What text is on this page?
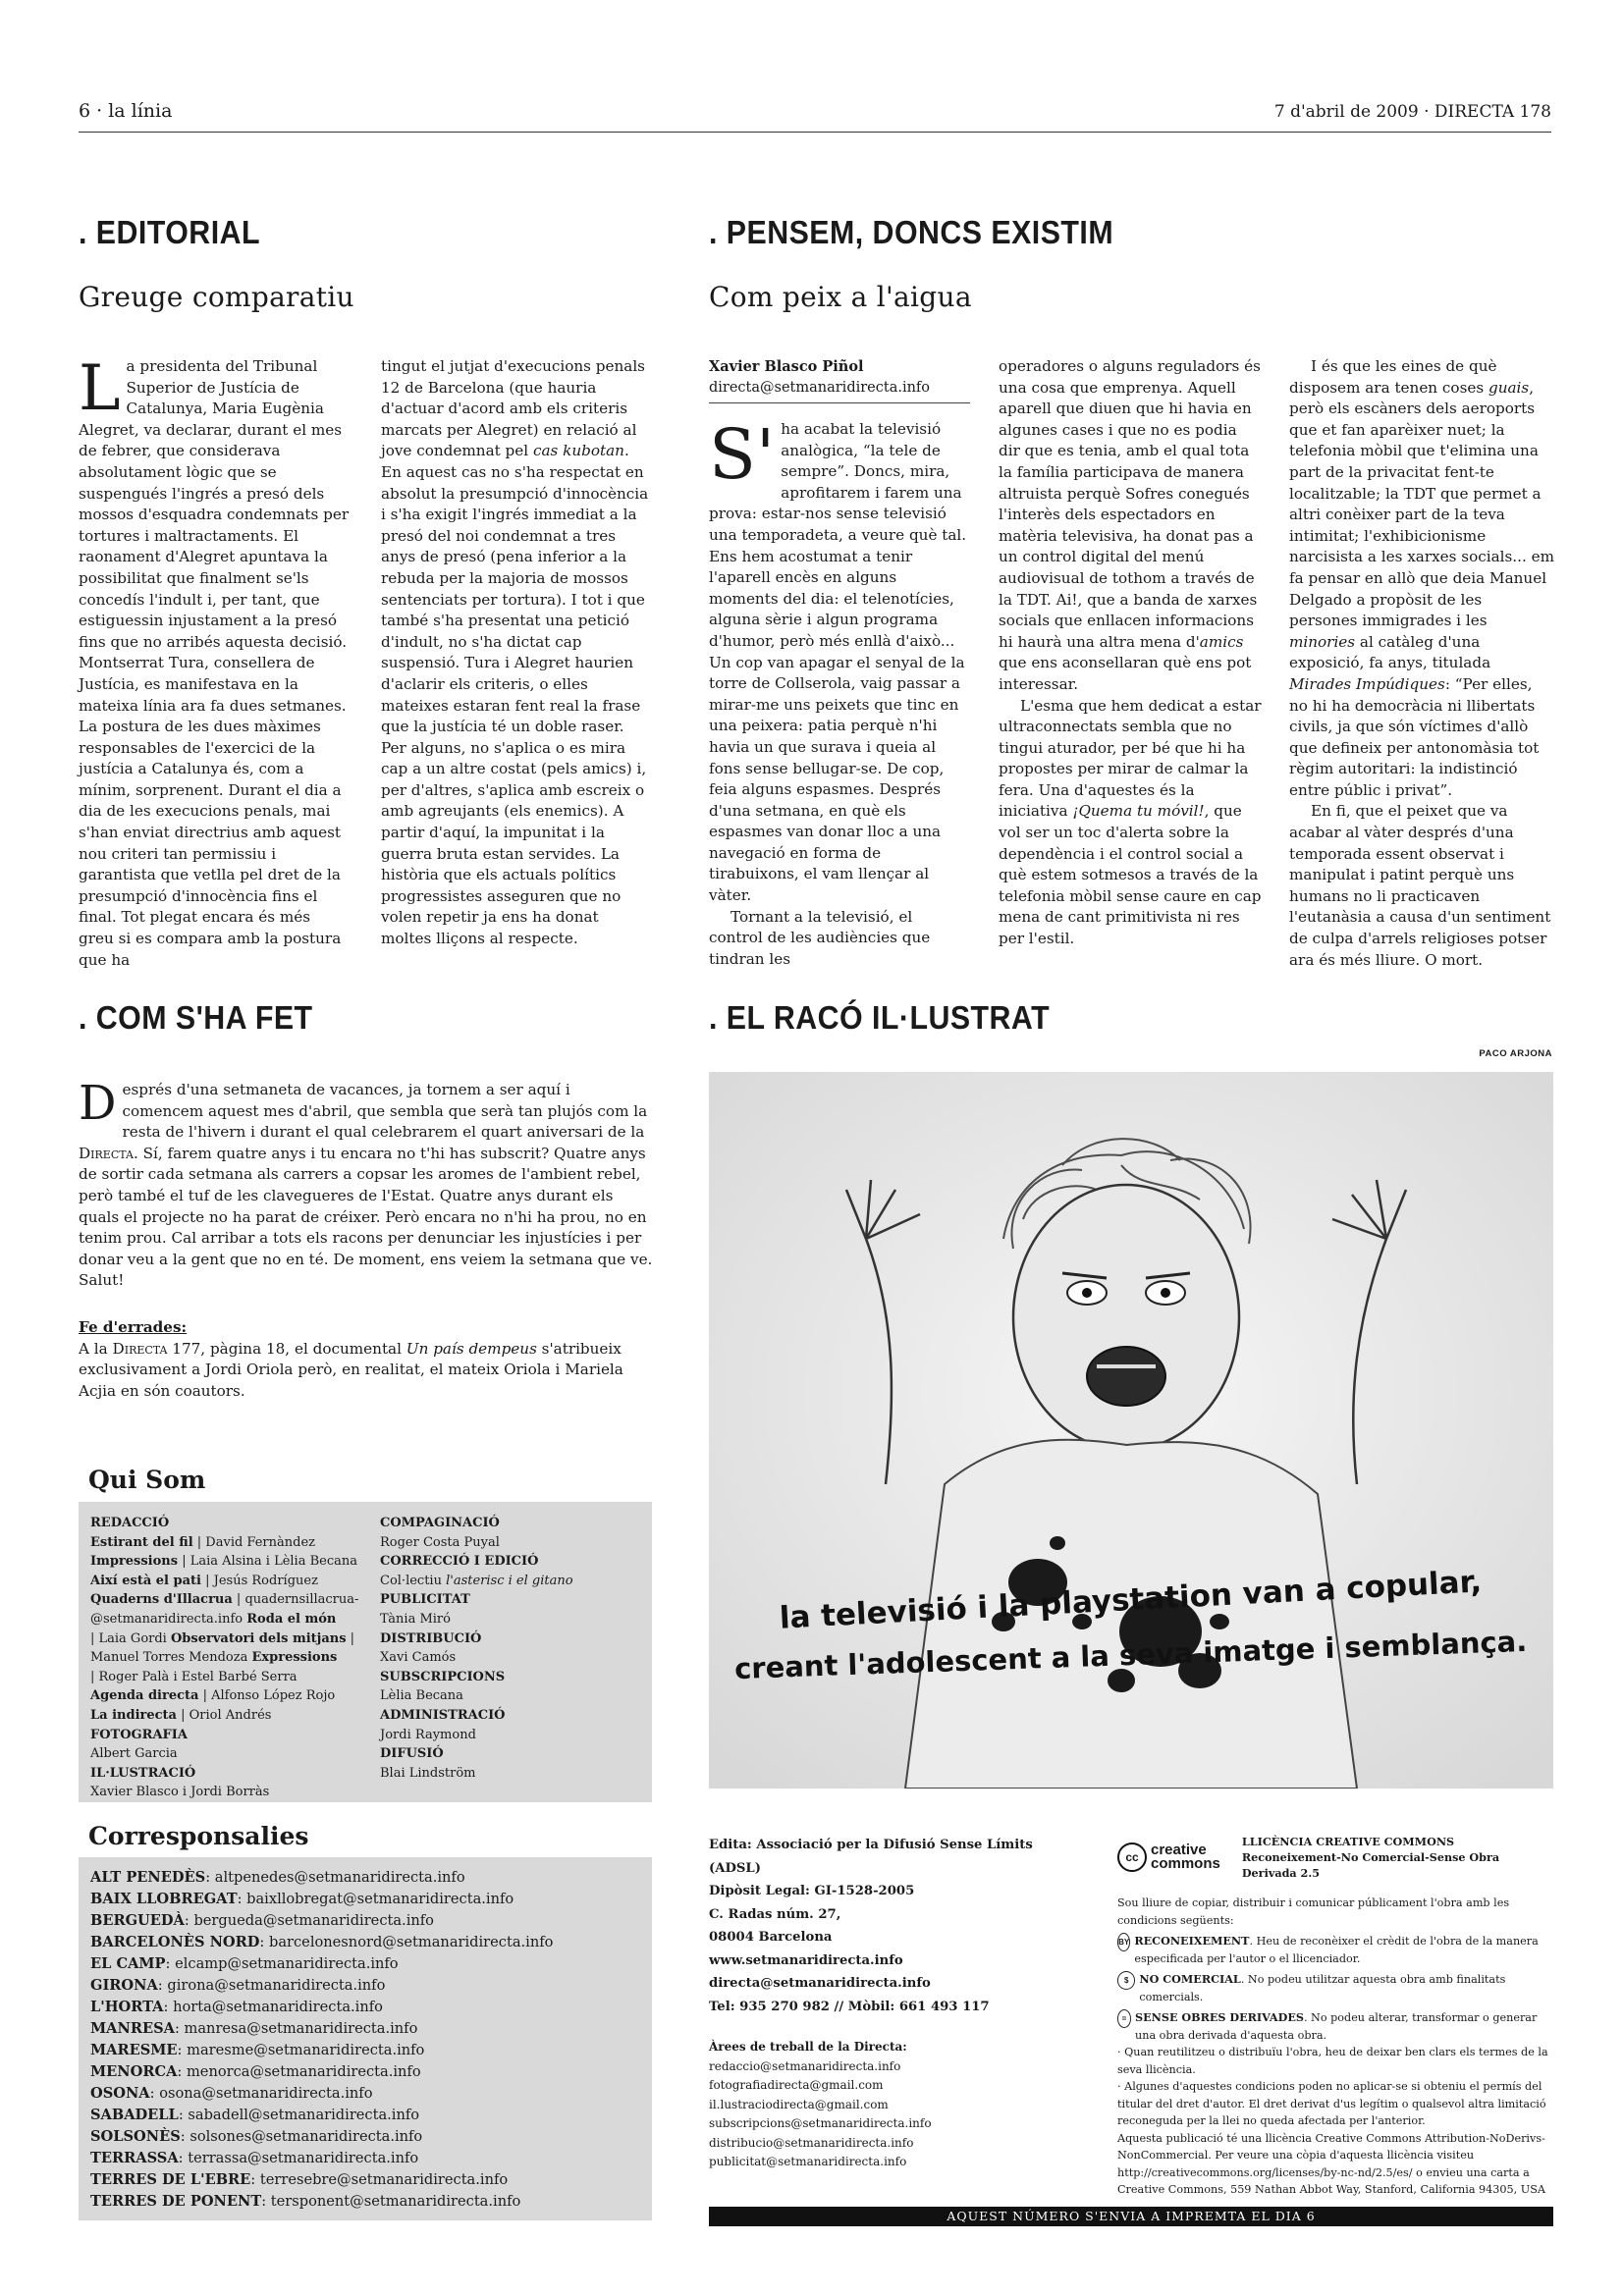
6 · la línia	7 d'abril de 2009 · DIRECTA 178
. EDITORIAL
Greuge comparatiu
La presidenta del Tribunal Superior de Justícia de Catalunya, Maria Eugènia Alegret, va declarar, durant el mes de febrer, que considerava absolutament lògic que se suspengués l'ingrés a presó dels mossos d'esquadra condemnats per tortures i maltractaments. El raonament d'Alegret apuntava la possibilitat que finalment se'ls concedís l'indult i, per tant, que estiguessin injustament a la presó fins que no arribés aquesta decisió. Montserrat Tura, consellera de Justícia, es manifestava en la mateixa línia ara fa dues setmanes. La postura de les dues màximes responsables de l'exercici de la justícia a Catalunya és, com a mínim, sorprenent. Durant el dia a dia de les execucions penals, mai s'han enviat directrius amb aquest nou criteri tan permissiu i garantista que vetlla pel dret de la presumpció d'innocència fins el final. Tot plegat encara és més greu si es compara amb la postura que ha
tingut el jutjat d'execucions penals 12 de Barcelona (que hauria d'actuar d'acord amb els criteris marcats per Alegret) en relació al jove condemnat pel cas kubotan. En aquest cas no s'ha respectat en absolut la presumpció d'innocència i s'ha exigit l'ingrés immediat a la presó del noi condemnat a tres anys de presó (pena inferior a la rebuda per la majoria de mossos sentenciats per tortura). I tot i que també s'ha presentat una petició d'indult, no s'ha dictat cap suspensió. Tura i Alegret haurien d'aclarir els criteris, o elles mateixes estaran fent real la frase que la justícia té un doble raser. Per alguns, no s'aplica o es mira cap a un altre costat (pels amics) i, per d'altres, s'aplica amb escreix o amb agreujants (els enemics). A partir d'aquí, la impunitat i la guerra bruta estan servides. La història que els actuals polítics progressistes asseguren que no volen repetir ja ens ha donat moltes lliçons al respecte.
. PENSEM, DONCS EXISTIM
Com peix a l'aigua
Xavier Blasco Piñol
directa@setmanaridirecta.info
S' ha acabat la televisió analògica, “la tele de sempre”. Doncs, mira, aprofitarem i farem una prova: estar-nos sense televisió una temporadeta, a veure què tal. Ens hem acostumat a tenir l'aparell encès en alguns moments del dia: el telenotícies, alguna sèrie i algun programa d'humor, però més enllà d'això... Un cop van apagar el senyal de la torre de Collserola, vaig passar a mirar-me uns peixets que tinc en una peixera: patia perquè n'hi havia un que surava i queia al fons sense bellugar-se. De cop, feia alguns espasmes. Després d'una setmana, en què els espasmes van donar lloc a una navegació en forma de tirabuixons, el vam llençar al vàter.

Tornant a la televisió, el control de les audiències que tindran les

operadores o alguns reguladors és una cosa que emprenya. Aquell aparell que diuen que hi havia en algunes cases i que no es podia dir que es tenia, amb el qual tota la família participava de manera altruista perquè Sofres conegués l'interès dels espectadors en matèria televisiva, ha donat pas a un control digital del menú audiovisual de tothom a través de la TDT. Ai!, que a banda de xarxes socials que enllacen informacions hi haurà una altra mena d'amics que ens aconsellaran què ens pot interessar.

L'esma que hem dedicat a estar ultraconnectats sembla que no tingui aturador, per bé que hi ha propostes per mirar de calmar la fera. Una d'aquestes és la iniciativa ¡Quema tu móvil!, que vol ser un toc d'alerta sobre la dependència i el control social a què estem sotmesos a través de la telefonia mòbil sense caure en cap mena de cant primitivista ni res per l'estil.

I és que les eines de què disposem ara tenen coses guais, però els escàners dels aeroports que et fan aparèixer nuet; la telefonia mòbil que t'elimina una part de la privacitat fent-te localitzable; la TDT que permet a altri conèixer part de la teva intimitat; l'exhibicionisme narcisista a les xarxes socials... em fa pensar en allò que deia Manuel Delgado a propòsit de les persones immigrades i les minories al catàleg d'una exposició, fa anys, titulada Mirades Impúdiques: “Per elles, no hi ha democràcia ni llibertats civils, ja que són víctimes d'allò que defineix per antonomàsia tot règim autoritari: la indistinció entre públic i privat”.

En fi, que el peixet que va acabar al vàter després d'una temporada essent observat i manipulat i patint perquè uns humans no li practicaven l'eutanàsia a causa d'un sentiment de culpa d'arrels religioses potser ara és més lliure. O mort.

. COM S'HA FET
Després d'una setmaneta de vacances, ja tornem a ser aquí i comencem aquest mes d'abril, que sembla que serà tan plujós com la resta de l'hivern i durant el qual celebrarem el quart aniversari de la Directa. Sí, farem quatre anys i tu encara no t'hi has subscrit? Quatre anys de sortir cada setmana als carrers a copsar les aromes de l'ambient rebel, però també el tuf de les clavegueres de l'Estat. Quatre anys durant els quals el projecte no ha parat de créixer. Però encara no n'hi ha prou, no en tenim prou. Cal arribar a tots els racons per denunciar les injustícies i per donar veu a la gent que no en té. De moment, ens veiem la setmana que ve. Salut!
Fe d'errades:
A la Directa 177, pàgina 18, el documental Un país dempeus s'atribueix exclusivament a Jordi Oriola però, en realitat, el mateix Oriola i Mariela Acjia en són coautors.
. EL RACÓ IL·LUSTRAT
PACO ARJONA
la televisió i la playstation van a copular,
creant l'adolescent a la seva imatge i semblança.
Qui Som
REDACCIÓ
Estirant del fil | David Fernàndez
Impressions | Laia Alsina i Lèlia Becana
Així està el pati | Jesús Rodríguez
Quaderns d'Illacrua | quadernsillacrua-
@setmanaridirecta.info Roda el món
| Laia Gordi Observatori dels mitjans |
Manuel Torres Mendoza Expressions
| Roger Palà i Estel Barbé Serra
Agenda directa | Alfonso López Rojo
La indirecta | Oriol Andrés
FOTOGRAFIA
Albert Garcia
IL·LUSTRACIÓ
Xavier Blasco i Jordi Borràs
COMPAGINACIÓ
Roger Costa Puyal
CORRECCIÓ I EDICIÓ
Col·lectiu l'asterisc i el gitano
PUBLICITAT
Tània Miró
DISTRIBUCIÓ
Xavi Camós
SUBSCRIPCIONS
Lèlia Becana
ADMINISTRACIÓ
Jordi Raymond
DIFUSIÓ
Blai Lindström
Corresponsalies
ALT PENEDÈS: altpenedes@setmanaridirecta.info
BAIX LLOBREGAT: baixllobregat@setmanaridirecta.info
BERGUEDÀ: bergueda@setmanaridirecta.info
BARCELONÈS NORD: barcelonesnord@setmanaridirecta.info
EL CAMP: elcamp@setmanaridirecta.info
GIRONA: girona@setmanaridirecta.info
L'HORTA: horta@setmanaridirecta.info
MANRESA: manresa@setmanaridirecta.info
MARESME: maresme@setmanaridirecta.info
MENORCA: menorca@setmanaridirecta.info
OSONA: osona@setmanaridirecta.info
SABADELL: sabadell@setmanaridirecta.info
SOLSONÈS: solsones@setmanaridirecta.info
TERRASSA: terrassa@setmanaridirecta.info
TERRES DE L'EBRE: terresebre@setmanaridirecta.info
TERRES DE PONENT: tersponent@setmanaridirecta.info
Edita: Associació per la Difusió Sense Límits (ADSL)
Dipòsit Legal: GI-1528-2005
C. Radas núm. 27,
08004 Barcelona
www.setmanaridirecta.info
directa@setmanaridirecta.info
Tel: 935 270 982 // Mòbil: 661 493 117
Àrees de treball de la Directa:
redaccio@setmanaridirecta.info
fotografiadirecta@gmail.com
il.lustraciodirecta@gmail.com
subscripcions@setmanaridirecta.info
distribucio@setmanaridirecta.info
publicitat@setmanaridirecta.info
cc creative
commons
LLICÈNCIA CREATIVE COMMONS
Reconeixement-No Comercial-Sense Obra Derivada 2.5
Sou lliure de copiar, distribuir i comunicar públicament l'obra amb les condicions següents:
BY RECONEIXEMENT. Heu de reconèixer el crèdit de l'obra de la manera especificada per l'autor o el llicenciador.
$ NO COMERCIAL. No podeu utilitzar aquesta obra amb finalitats comercials.
= SENSE OBRES DERIVADES. No podeu alterar, transformar o generar una obra derivada d'aquesta obra.
· Quan reutilitzeu o distribuïu l'obra, heu de deixar ben clars els termes de la seva llicència.
· Algunes d'aquestes condicions poden no aplicar-se si obteniu el permís del titular del dret d'autor. El dret derivat d'us legítim o qualsevol altra limitació reconeguda per la llei no queda afectada per l'anterior.
Aquesta publicació té una llicència Creative Commons Attribution-NoDerivs- NonCommercial. Per veure una còpia d'aquesta llicència visiteu http://creativecommons.org/licenses/by-nc-nd/2.5/es/ o envieu una carta a Creative Commons, 559 Nathan Abbot Way, Stanford, California 94305, USA
AQUEST NÚMERO S'ENVIA A IMPREMTA EL DIA 6
